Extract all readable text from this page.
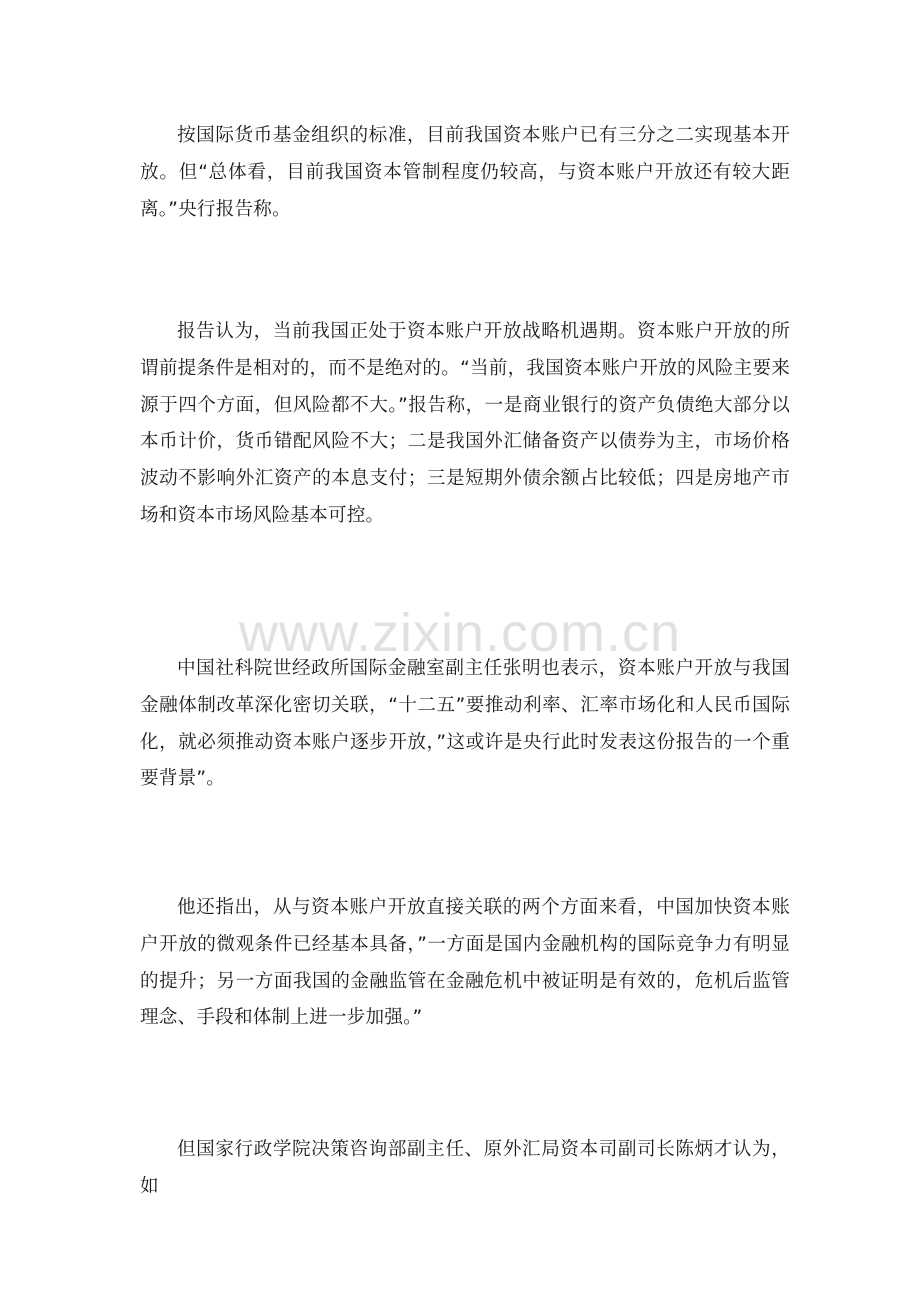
按国际货币基金组织的标准，目前我国资本账户已有三分之二实现基本开放。但“总体看，目前我国资本管制程度仍较高，与资本账户开放还有较大距离。”央行报告称。

报告认为，当前我国正处于资本账户开放战略机遇期。资本账户开放的所谓前提条件是相对的，而不是绝对的。“当前，我国资本账户开放的风险主要来源于四个方面，但风险都不大。”报告称，一是商业银行的资产负债绝大部分以本币计价，货币错配风险不大；二是我国外汇储备资产以债券为主，市场价格波动不影响外汇资产的本息支付；三是短期外债余额占比较低；四是房地产市场和资本市场风险基本可控。

www.zixin.com.cn

中国社科院世经政所国际金融室副主任张明也表示，资本账户开放与我国金融体制改革深化密切关联，“十二五”要推动利率、汇率市场化和人民币国际化，就必须推动资本账户逐步开放，”这或许是央行此时发表这份报告的一个重要背景”。

他还指出，从与资本账户开放直接关联的两个方面来看，中国加快资本账户开放的微观条件已经基本具备，”一方面是国内金融机构的国际竞争力有明显的提升；另一方面我国的金融监管在金融危机中被证明是有效的，危机后监管理念、手段和体制上进一步加强。”

但国家行政学院决策咨询部副主任、原外汇局资本司副司长陈炳才认为，如
